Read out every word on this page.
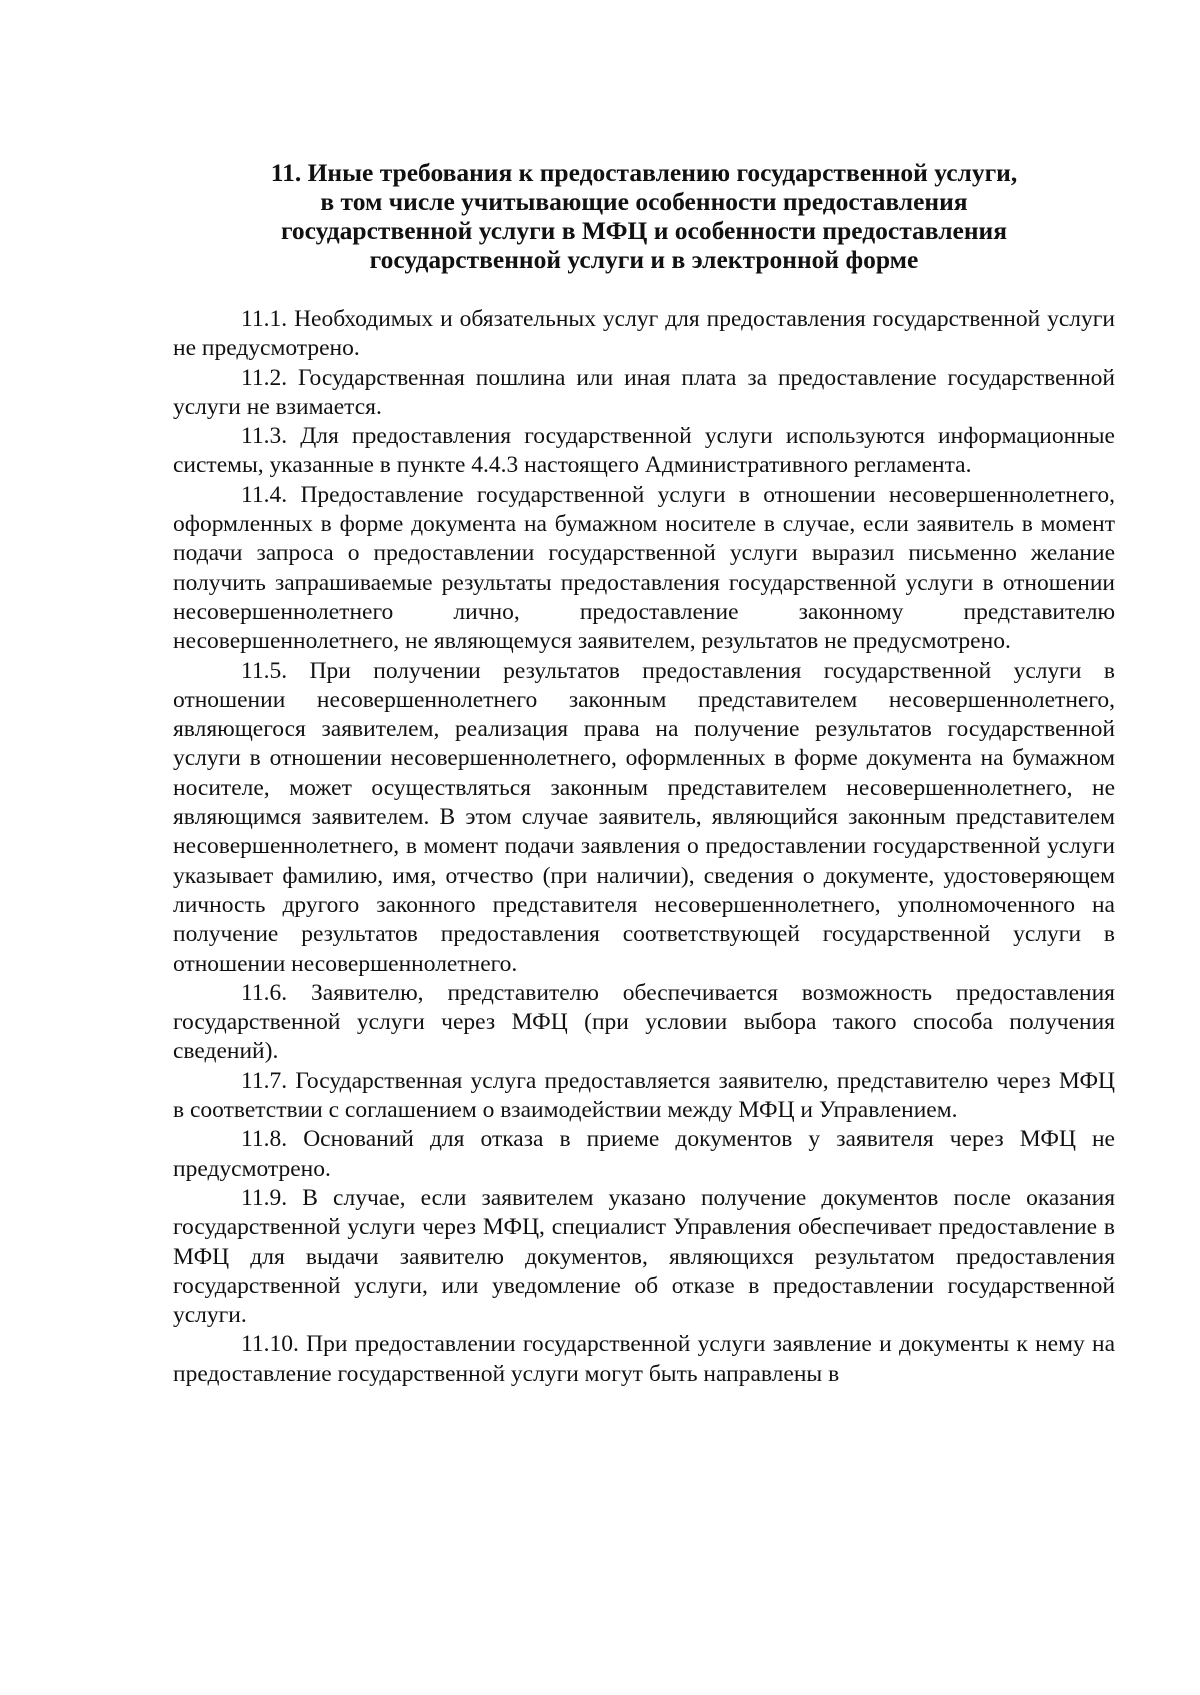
11. Иные требования к предоставлению государственной услуги,
в том числе учитывающие особенности предоставления
государственной услуги в МФЦ и особенности предоставления
государственной услуги и в электронной форме

11.1. Необходимых и обязательных услуг для предоставления государственной услуги не предусмотрено.

11.2. Государственная пошлина или иная плата за предоставление государственной услуги не взимается.

11.3. Для предоставления государственной услуги используются информационные системы, указанные в пункте 4.4.3 настоящего Административного регламента.

11.4. Предоставление государственной услуги в отношении несовершеннолетнего, оформленных в форме документа на бумажном носителе в случае, если заявитель в момент подачи запроса о предоставлении государственной услуги выразил письменно желание получить запрашиваемые результаты предоставления государственной услуги в отношении несовершеннолетнего лично, предоставление законному представителю несовершеннолетнего, не являющемуся заявителем, результатов не предусмотрено.

11.5. При получении результатов предоставления государственной услуги в отношении несовершеннолетнего законным представителем несовершеннолетнего, являющегося заявителем, реализация права на получение результатов государственной услуги в отношении несовершеннолетнего, оформленных в форме документа на бумажном носителе, может осуществляться законным представителем несовершеннолетнего, не являющимся заявителем. В этом случае заявитель, являющийся законным представителем несовершеннолетнего, в момент подачи заявления о предоставлении государственной услуги указывает фамилию, имя, отчество (при наличии), сведения о документе, удостоверяющем личность другого законного представителя несовершеннолетнего, уполномоченного на получение результатов предоставления соответствующей государственной услуги в отношении несовершеннолетнего.

11.6. Заявителю, представителю обеспечивается возможность предоставления государственной услуги через МФЦ (при условии выбора такого способа получения сведений).

11.7. Государственная услуга предоставляется заявителю, представителю через МФЦ в соответствии с соглашением о взаимодействии между МФЦ и Управлением.

11.8. Оснований для отказа в приеме документов у заявителя через МФЦ не предусмотрено.

11.9. В случае, если заявителем указано получение документов после оказания государственной услуги через МФЦ, специалист Управления обеспечивает предоставление в МФЦ для выдачи заявителю документов, являющихся результатом предоставления государственной услуги, или уведомление об отказе в предоставлении государственной услуги.

11.10. При предоставлении государственной услуги заявление и документы к нему на предоставление государственной услуги могут быть направлены в
